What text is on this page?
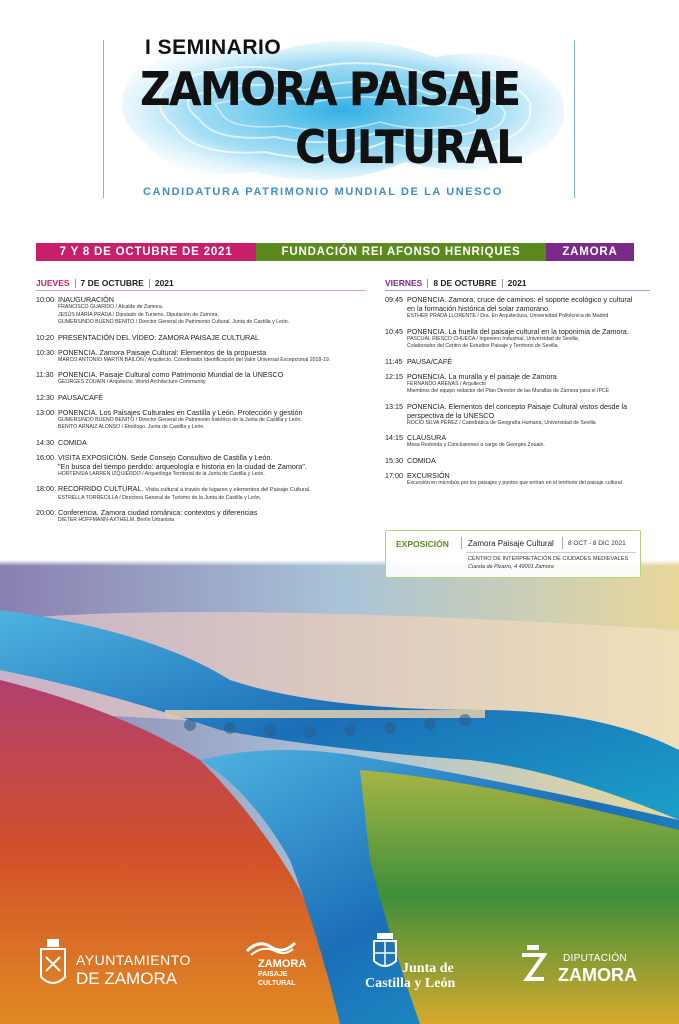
I SEMINARIO
ZAMORA PAISAJE
CULTURAL
CANDIDATURA PATRIMONIO MUNDIAL DE LA UNESCO
7 Y 8 DE OCTUBRE DE 2021	FUNDACIÓN REI AFONSO HENRIQUES	ZAMORA
JUEVES 7 DE OCTUBRE 2021
10:00 INAUGURACIÓN
FRANCISCO GUARIDO / Alcalde de Zamora.
JESÚS MARÍA PRADA / Diputado de Turismo, Diputación de Zamora.
GUMERSINDO BUENO BENITO / Director General de Patrimonio Cultural, Junta de Castilla y León.
10:20 PRESENTACIÓN DEL VÍDEO: ZAMORA PAISAJE CULTURAL
10:30 PONENCIA. Zamora Paisaje Cultural: Elementos de la propuesta
MARCO ANTONIO MARTÍN BAILÓN / Arquitecto. Coordinador Identificación del Valor Universal Excepcional 2018-19.
11:30 PONENCIA. Paisaje Cultural como Patrimonio Mundial de la UNESCO
GEORGES ZOUAIN / Arquitecto. World Architecture Community.
12:30 PAUSA/CAFÉ
13:00 PONENCIA. Los Paisajes Culturales en Castilla y León. Protección y gestión
GUMERSINDO BUENO BENITO / Director General de Patrimonio histórico de la Junta de Castilla y León.
BENITO ARNAIZ ALONSO / Etnólogo. Junta de Castilla y León.
14:30 COMIDA
16:00 VISITA EXPOSICIÓN. Sede Consejo Consultivo de Castilla y León.
"En busca del tiempo perdido: arqueología e historia en la ciudad de Zamora".
HORTENSIA LARRÉN IZQUIERDO / Arqueóloga Territorial de la Junta de Castilla y León.
18:00 RECORRIDO CULTURAL. Visita cultural a través de lugares y elementos del Paisaje Cultural.
ESTRELLA TORRECILLA / Directora General de Turismo de la Junta de Castilla y León.
20:00 Conferencia. Zamora ciudad románica: contextos y diferencias
DIETER HOFFMANN-AXTHELM. Berlín Urbanista
VIERNES 8 DE OCTUBRE 2021
09:45 PONENCIA. Zamora, cruce de caminos: el soporte ecológico y cultural
en la formación histórica del solar zamorano.
ESTHER PRADA LLORENTE / Dra. En Arquitectura, Universidad Politécnica de Madrid
10:45 PONENCIA. La huella del paisaje cultural en la toponimia de Zamora.
PASCUAL RIESCO CHUECA / Ingeniero Industrial, Universidad de Sevilla;
Colaborador del Centro de Estudios Paisaje y Territorio de Sevilla
11:45 PAUSA/CAFÉ
12:15 PONENCIA. La muralla y el paisaje de Zamora
FERNANDO ARENAS / Arquitecto
Miembros del equipo redactor del Plan Director de las Murallas de Zamora para el IPCE
13:15 PONENCIA. Elementos del concepto Paisaje Cultural vistos desde la
perspectiva de la UNESCO
ROCÍO SILVA PÉREZ / Catedrática de Geografía Humana, Universidad de Sevilla
14:15 CLAUSURA
Mesa Redonda y Conclusiones a cargo de Georges Zouain.
15:30 COMIDA
17:00 EXCURSIÓN
Excursión en microbús por los paisajes y puntos que entran en el territorio del paisaje cultural
EXPOSICIÓN Zamora Paisaje Cultural 8 OCT - 8 DIC 2021
CENTRO DE INTERPRETACIÓN DE CIUDADES MEDIEVALES
Cuesta de Pizarro, 4 49001 Zamora
AYUNTAMIENTO
DE ZAMORA
ZAMORA
PAISAJE
CULTURAL
Junta de
Castilla y León
DIPUTACIÓN
ZAMORA
